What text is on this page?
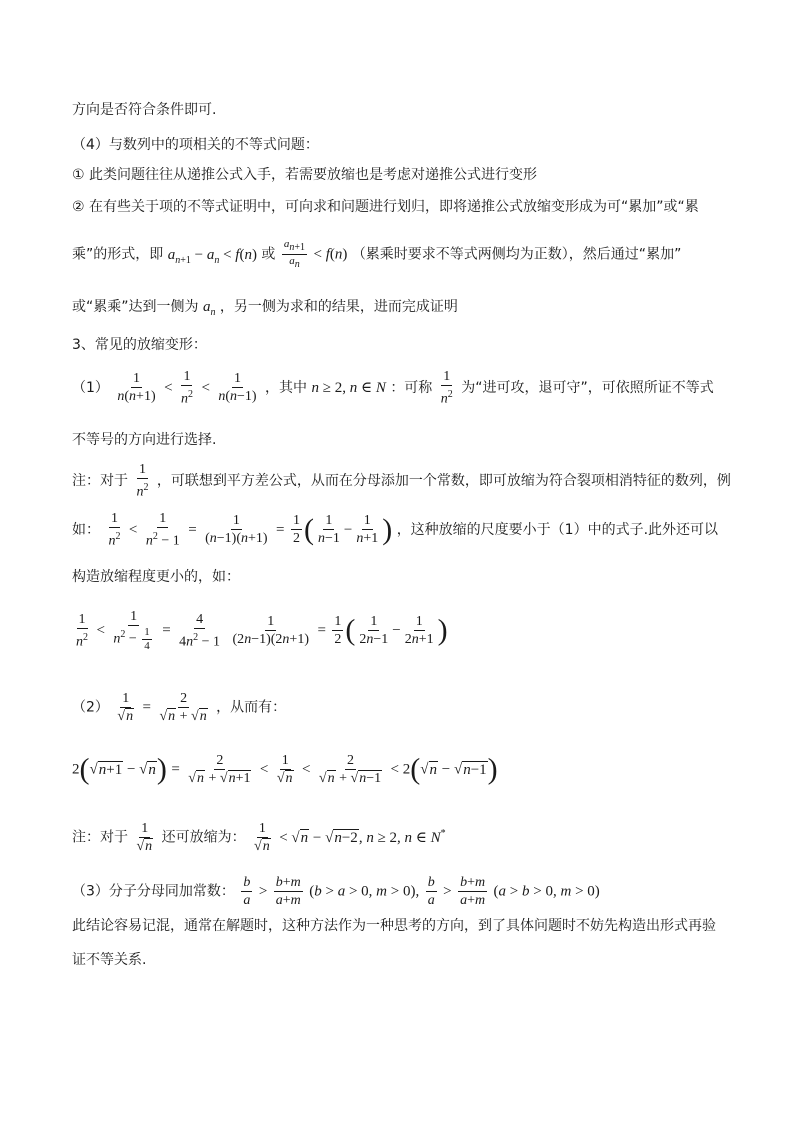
方向是否符合条件即可.
（4）与数列中的项相关的不等式问题：
① 此类问题往往从递推公式入手，若需要放缩也是考虑对递推公式进行变形
② 在有些关于项的不等式证明中，可向求和问题进行划归，即将递推公式放缩变形成为可“累加”或“累
乘”的形式，即 $a_{n+1} - a_n < f(n)$ 或 $\frac{a_{n+1}}{a_n} < f(n)$ （累乘时要求不等式两侧均为正数），然后通过“累加”
或“累乘”达到一侧为 $a_n$ ，另一侧为求和的结果，进而完成证明
3、常见的放缩变形：
$(1) \frac{1}{n(n+1)} < \frac{1}{n^2} < \frac{1}{n(n-1)}$ ，其中 n ≥ 2, n ∈ N ：可称 $\frac{1}{n^2}$ 为“进可攻，退可守”，可依照所证不等式
不等号的方向进行选择.
注：对于 $\frac{1}{n^2}$ ，可联想到平方差公式，从而在分母添加一个常数，即可放缩为符合裂项相消特征的数列，例
如： $\frac{1}{n^2} < \frac{1}{n^2 - 1} = \frac{1}{(n-1)(n+1)} = \frac{1}{2}$ ( $\frac{1}{n-1} - \frac{1}{n+1}$ ) ，这种放缩的尺度要小于（1）中的式子.此外还可以
构造放缩程度更小的，如：
$\frac{1}{n^2} < \frac{1}{n^2 - \frac{1}{4}} = \frac{4}{4n^2 - 1}$
$\frac{1}{(2n-1)(2n+1)} = \frac{1}{2}$ ( $\frac{1}{2n-1} - \frac{1}{2n+1}$ )
$(2) \frac{1}{√n} = \frac{2}{√n + √n}$ ，从而有：
$2(√n+1 - √n) = \frac{2}{√n + √n+1} < \frac{1}{√n} < \frac{2}{√n + √n-1} < 2(√n - √n-1)$
注：对于 $\frac{1}{√n}$ 还可放缩为： $\frac{1}{√n} < √n - √n-2$, n ≥ 2, n ∈ N*
（3）分子分母同加常数： $\frac{b}{a} > \frac{b+m}{a+m} (b > a > 0$, m > 0), $\frac{b}{a} > \frac{b+m}{a+m} (a > b > 0$, m > 0)
此结论容易记混，通常在解题时，这种方法作为一种思考的方向，到了具体问题时不妨先构造出形式再验
证不等关系.
